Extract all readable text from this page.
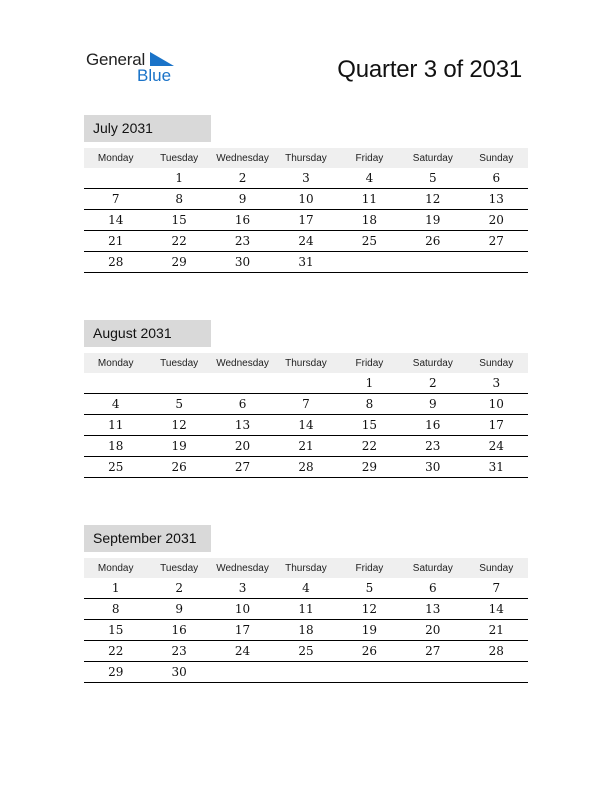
General
Blue	Quarter 3 of 2031
July 2031
Monday	Tuesday	Wednesday	Thursday	Friday	Saturday	Sunday
	1	2	3	4	5	6
7	8	9	10	11	12	13
14	15	16	17	18	19	20
21	22	23	24	25	26	27
28	29	30	31			
August 2031
Monday	Tuesday	Wednesday	Thursday	Friday	Saturday	Sunday
				1	2	3
4	5	6	7	8	9	10
11	12	13	14	15	16	17
18	19	20	21	22	23	24
25	26	27	28	29	30	31
September 2031
Monday	Tuesday	Wednesday	Thursday	Friday	Saturday	Sunday
1	2	3	4	5	6	7
8	9	10	11	12	13	14
15	16	17	18	19	20	21
22	23	24	25	26	27	28
29	30					
